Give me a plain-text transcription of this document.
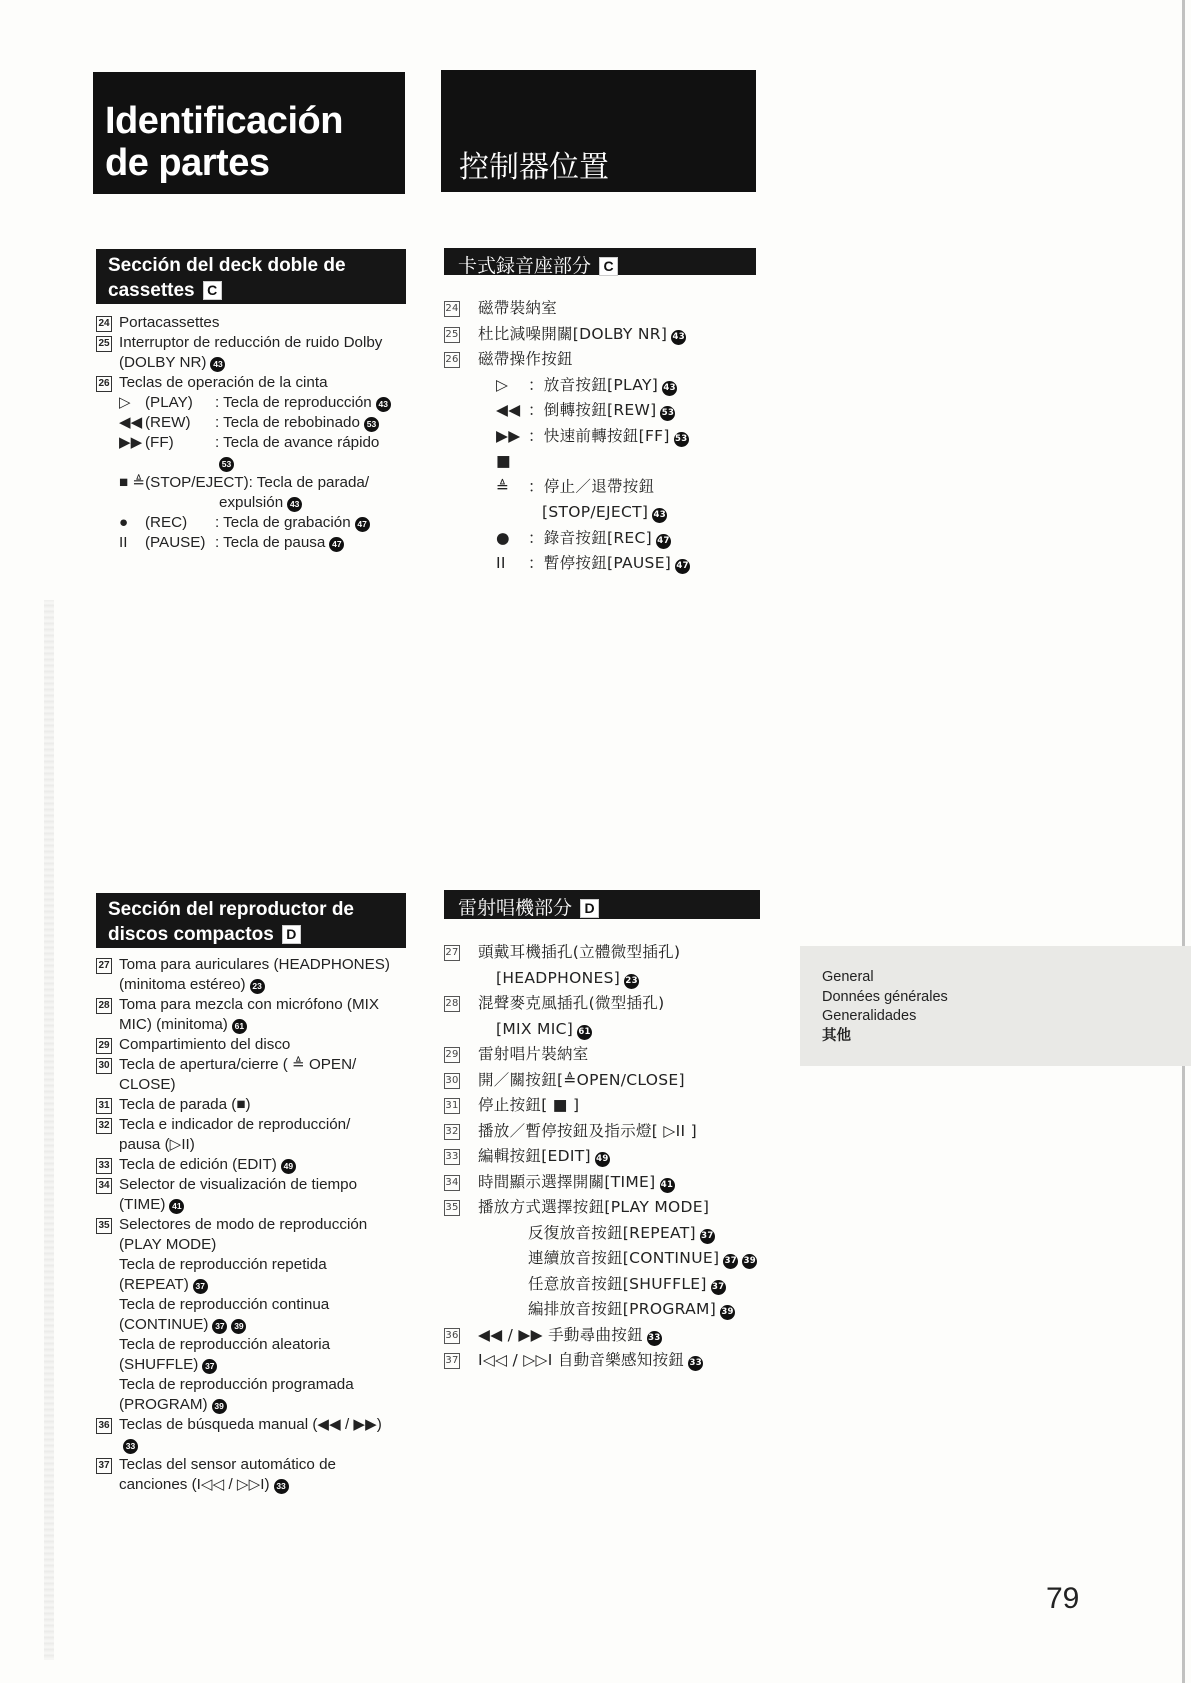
Identificación
de partes	控制器位置
Sección del deck doble de
cassettes C
卡式録音座部分 C
24 Portacassettes
25 Interruptor de reducción de ruido Dolby
(DOLBY NR) 43
26 Teclas de operación de la cinta
▷ (PLAY) : Tecla de reproducción 43
◀◀ (REW) : Tecla de rebobinado 53
▶▶ (FF)	: Tecla de avance rápido
53
■ ≜(STOP/EJECT): Tecla de parada/
expulsión 43
● (REC) : Tecla de grabación 47
II (PAUSE) : Tecla de pausa 47
24 磁帶裝納室
25 杜比減噪開關[DOLBY NR] 43
26 磁帶操作按鈕
▷ ：放音按鈕[PLAY] 43
◀◀ ：倒轉按鈕[REW] 53
▶▶ ：快速前轉按鈕[FF] 53
■ ≜ ：停止／退帶按鈕
[STOP/EJECT] 43
● ：錄音按鈕[REC] 47
II ：暫停按鈕[PAUSE] 47
Sección del reproductor de
discos compactos D
雷射唱機部分 D
27 Toma para auriculares (HEADPHONES)
(minitoma estéreo) 23
28 Toma para mezcla con micrófono (MIX
MIC) (minitoma) 61
29 Compartimiento del disco
30 Tecla de apertura/cierre ( ≜ OPEN/
CLOSE)
31 Tecla de parada (■)
32 Tecla e indicador de reproducción/
pausa (▷II)
33 Tecla de edición (EDIT) 49
34 Selector de visualización de tiempo
(TIME) 41
35 Selectores de modo de reproducción
(PLAY MODE)
Tecla de reproducción repetida
(REPEAT) 37
Tecla de reproducción continua
(CONTINUE) 37 39
Tecla de reproducción aleatoria
(SHUFFLE) 37
Tecla de reproducción programada
(PROGRAM) 39
36 Teclas de búsqueda manual (◀◀ / ▶▶)
33
37 Teclas del sensor automático de
canciones (I◁◁ / ▷▷I) 33
27 頭戴耳機插孔(立體微型插孔)
[HEADPHONES] 23
28 混聲麥克風插孔(微型插孔)
[MIX MIC] 61
29 雷射唱片裝納室
30 開／關按鈕[≜OPEN/CLOSE]
31 停止按鈕[ ■ ]
32 播放／暫停按鈕及指示燈[ ▷II ]
33 編輯按鈕[EDIT] 49
34 時間顯示選擇開關[TIME] 41
35 播放方式選擇按鈕[PLAY MODE]
反復放音按鈕[REPEAT] 37
連續放音按鈕[CONTINUE] 37 39
任意放音按鈕[SHUFFLE] 37
編排放音按鈕[PROGRAM] 39
36 ◀◀ / ▶▶ 手動尋曲按鈕 33
37 I◁◁ / ▷▷I 自動音樂感知按鈕 33
General
Données générales
Generalidades
其他
79
